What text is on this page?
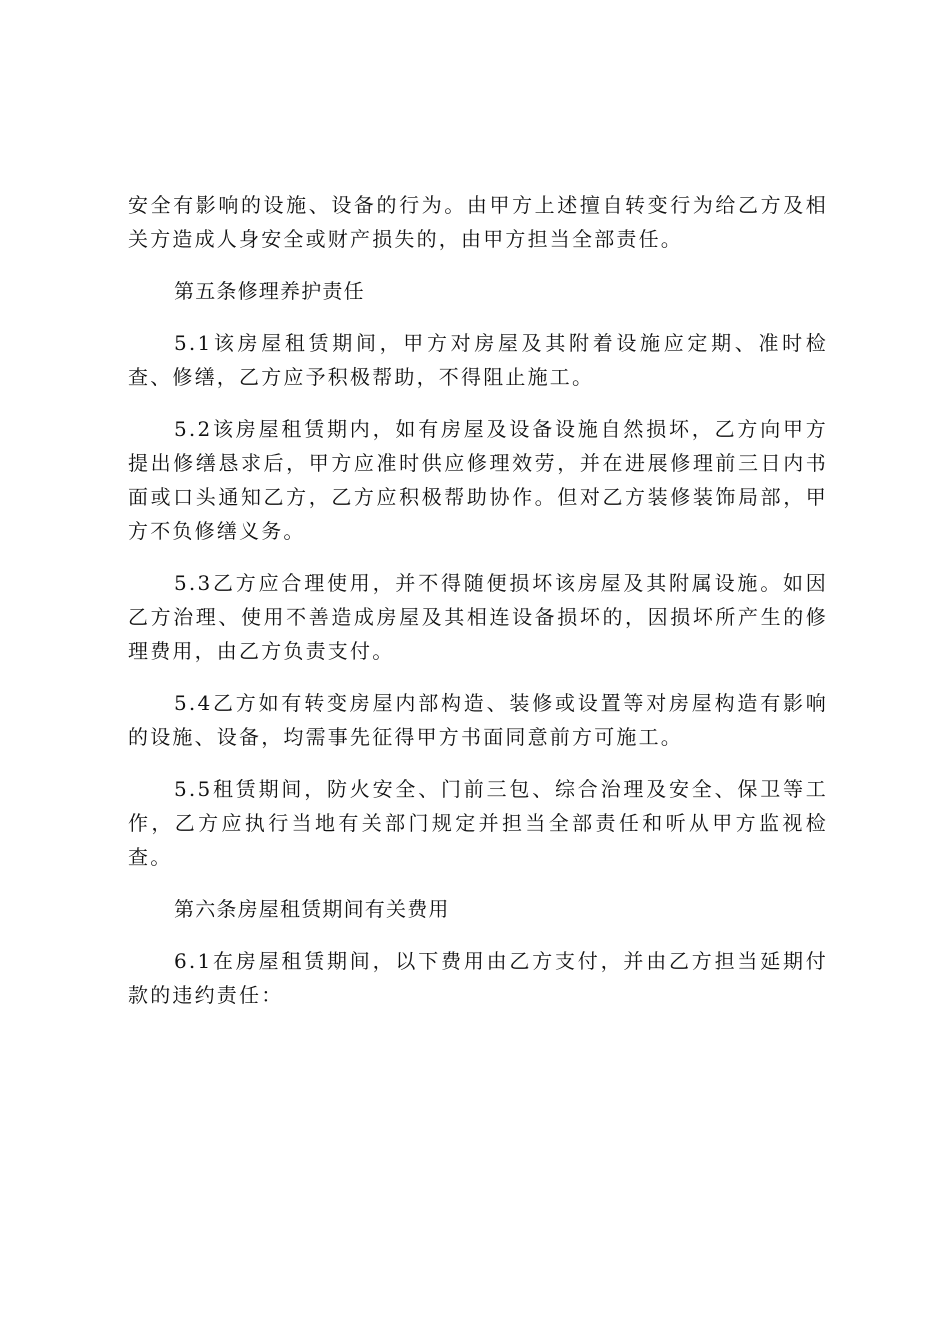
安全有影响的设施、设备的行为。由甲方上述擅自转变行为给乙方及相关方造成人身安全或财产损失的，由甲方担当全部责任。

第五条修理养护责任

5.1该房屋租赁期间，甲方对房屋及其附着设施应定期、准时检查、修缮，乙方应予积极帮助，不得阻止施工。

5.2该房屋租赁期内，如有房屋及设备设施自然损坏，乙方向甲方提出修缮恳求后，甲方应准时供应修理效劳，并在进展修理前三日内书面或口头通知乙方，乙方应积极帮助协作。但对乙方装修装饰局部，甲方不负修缮义务。

5.3乙方应合理使用，并不得随便损坏该房屋及其附属设施。如因乙方治理、使用不善造成房屋及其相连设备损坏的，因损坏所产生的修理费用，由乙方负责支付。

5.4乙方如有转变房屋内部构造、装修或设置等对房屋构造有影响的设施、设备，均需事先征得甲方书面同意前方可施工。

5.5租赁期间，防火安全、门前三包、综合治理及安全、保卫等工作，乙方应执行当地有关部门规定并担当全部责任和听从甲方监视检查。

第六条房屋租赁期间有关费用

6.1在房屋租赁期间，以下费用由乙方支付，并由乙方担当延期付款的违约责任：
